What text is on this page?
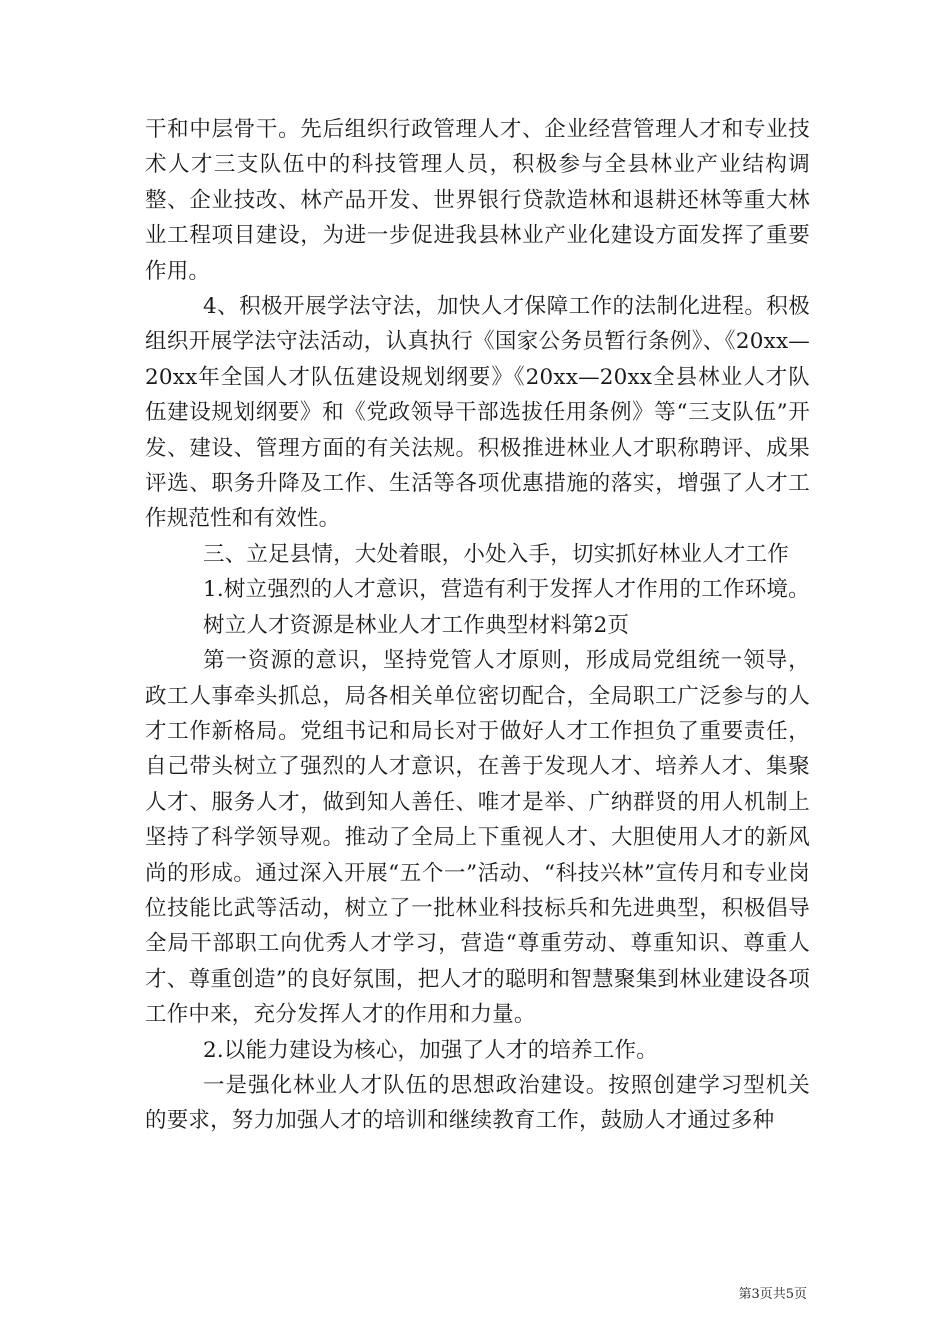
干和中层骨干。先后组织行政管理人才、企业经营管理人才和专业技术人才三支队伍中的科技管理人员，积极参与全县林业产业结构调整、企业技改、林产品开发、世界银行贷款造林和退耕还林等重大林业工程项目建设，为进一步促进我县林业产业化建设方面发挥了重要作用。

4、积极开展学法守法，加快人才保障工作的法制化进程。积极组织开展学法守法活动，认真执行《国家公务员暂行条例》、《20xx—20xx年全国人才队伍建设规划纲要》《20xx—20xx全县林业人才队伍建设规划纲要》和《党政领导干部选拔任用条例》等“三支队伍”开发、建设、管理方面的有关法规。积极推进林业人才职称聘评、成果评选、职务升降及工作、生活等各项优惠措施的落实，增强了人才工作规范性和有效性。

三、立足县情，大处着眼，小处入手，切实抓好林业人才工作

1.树立强烈的人才意识，营造有利于发挥人才作用的工作环境。

树立人才资源是林业人才工作典型材料第2页

第一资源的意识，坚持党管人才原则，形成局党组统一领导，政工人事牵头抓总，局各相关单位密切配合，全局职工广泛参与的人才工作新格局。党组书记和局长对于做好人才工作担负了重要责任，自己带头树立了强烈的人才意识，在善于发现人才、培养人才、集聚人才、服务人才，做到知人善任、唯才是举、广纳群贤的用人机制上坚持了科学领导观。推动了全局上下重视人才、大胆使用人才的新风尚的形成。通过深入开展“五个一”活动、“科技兴林”宣传月和专业岗位技能比武等活动，树立了一批林业科技标兵和先进典型，积极倡导全局干部职工向优秀人才学习，营造“尊重劳动、尊重知识、尊重人才、尊重创造”的良好氛围，把人才的聪明和智慧聚集到林业建设各项工作中来，充分发挥人才的作用和力量。

2.以能力建设为核心，加强了人才的培养工作。

一是强化林业人才队伍的思想政治建设。按照创建学习型机关的要求，努力加强人才的培训和继续教育工作，鼓励人才通过多种

第3页共5页
